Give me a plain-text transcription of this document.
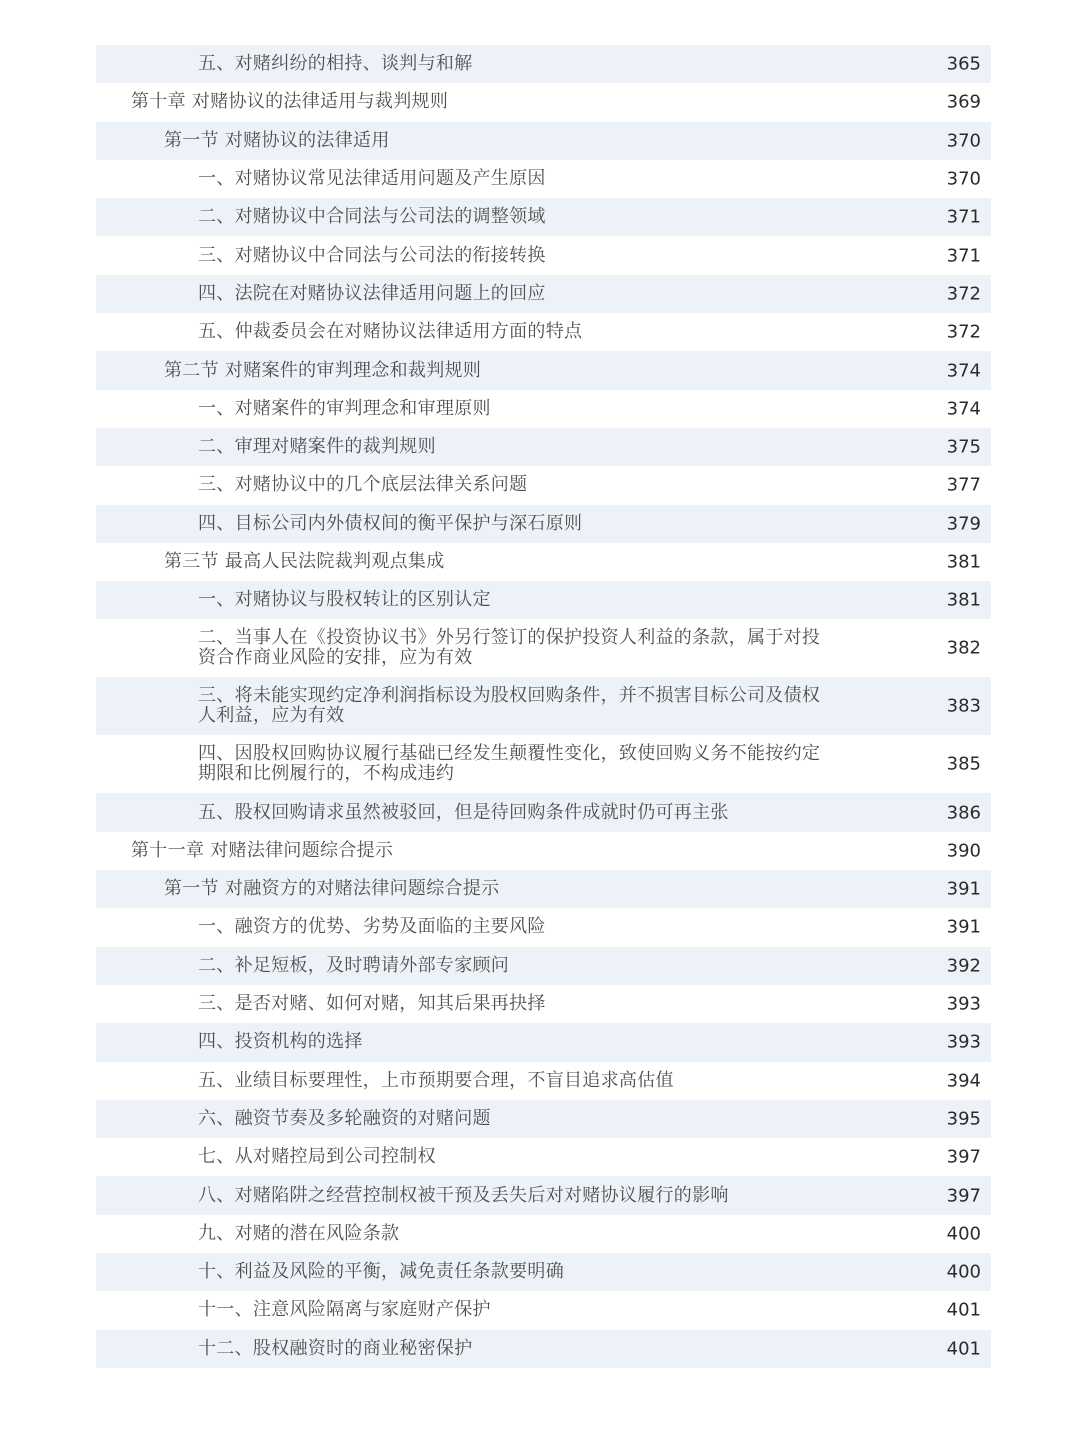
五、对赌纠纷的相持、谈判与和解	365
第十章 对赌协议的法律适用与裁判规则	369
第一节 对赌协议的法律适用	370
一、对赌协议常见法律适用问题及产生原因	370
二、对赌协议中合同法与公司法的调整领域	371
三、对赌协议中合同法与公司法的衔接转换	371
四、法院在对赌协议法律适用问题上的回应	372
五、仲裁委员会在对赌协议法律适用方面的特点	372
第二节 对赌案件的审判理念和裁判规则	374
一、对赌案件的审判理念和审理原则	374
二、审理对赌案件的裁判规则	375
三、对赌协议中的几个底层法律关系问题	377
四、目标公司内外债权间的衡平保护与深石原则	379
第三节 最高人民法院裁判观点集成	381
一、对赌协议与股权转让的区别认定	381
二、当事人在《投资协议书》外另行签订的保护投资人利益的条款，属于对投资合作商业风险的安排，应为有效	382
三、将未能实现约定净利润指标设为股权回购条件，并不损害目标公司及债权人利益，应为有效	383
四、因股权回购协议履行基础已经发生颠覆性变化，致使回购义务不能按约定期限和比例履行的，不构成违约	385
五、股权回购请求虽然被驳回，但是待回购条件成就时仍可再主张	386
第十一章 对赌法律问题综合提示	390
第一节 对融资方的对赌法律问题综合提示	391
一、融资方的优势、劣势及面临的主要风险	391
二、补足短板，及时聘请外部专家顾问	392
三、是否对赌、如何对赌，知其后果再抉择	393
四、投资机构的选择	393
五、业绩目标要理性，上市预期要合理，不盲目追求高估值	394
六、融资节奏及多轮融资的对赌问题	395
七、从对赌控局到公司控制权	397
八、对赌陷阱之经营控制权被干预及丢失后对对赌协议履行的影响	397
九、对赌的潜在风险条款	400
十、利益及风险的平衡，减免责任条款要明确	400
十一、注意风险隔离与家庭财产保护	401
十二、股权融资时的商业秘密保护	401
